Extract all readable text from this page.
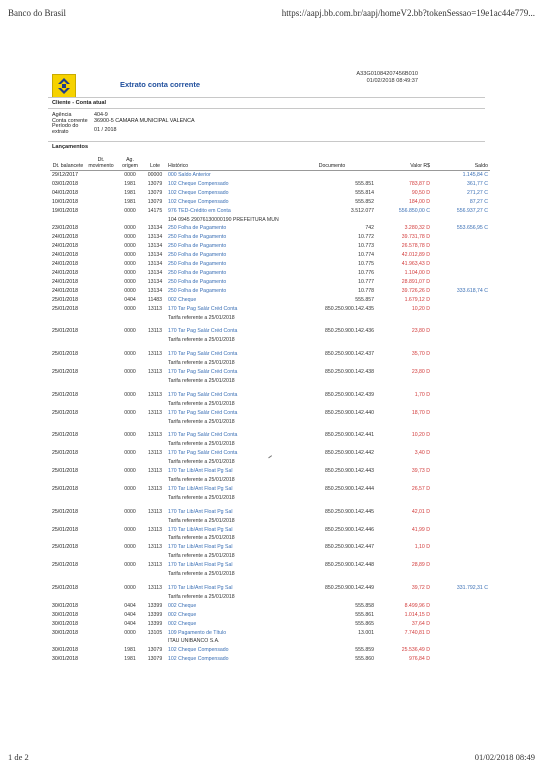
Banco do Brasil	https://aapj.bb.com.br/aapj/homeV2.bb?tokenSessao=19e1ac44e779...
Extrato conta corrente
A33G01084207456B010
01/02/2018 08:49:37
Cliente - Conta atual
Agência	404-9
Conta corrente	36900-5 CAMARA MUNICIPAL VALENCA
Período do extrato	01 / 2018
Lançamentos
Dt. balancete	Dt. movimento	Ag. origem	Lote	Histórico	Documento	Valor R$	Saldo
29/12/2017		0000	00000	000 Saldo Anterior			1.145,84 C
03/01/2018		1981	13079	102 Cheque Compensado	555.851	783,87 D	361,77 C
04/01/2018		1981	13079	102 Cheque Compensado	555.814	90,50 D	271,27 C
10/01/2018		1981	13079	102 Cheque Compensado	555.852	184,00 D	87,27 C
19/01/2018		0000	14175	976 TED-Crédito em Conta	3.512.077	556.850,00 C	556.937,27 C
				104 0945 29076130000190 PREFEITURA MUN			
23/01/2018		0000	13134	250 Folha de Pagamento	742	3.280,32 D	553.656,95 C
24/01/2018		0000	13134	250 Folha de Pagamento	10.772	39.731,78 D	
24/01/2018		0000	13134	250 Folha de Pagamento	10.773	26.578,78 D	
24/01/2018		0000	13134	250 Folha de Pagamento	10.774	42.012,89 D	
24/01/2018		0000	13134	250 Folha de Pagamento	10.775	41.963,43 D	
24/01/2018		0000	13134	250 Folha de Pagamento	10.776	1.104,00 D	
24/01/2018		0000	13134	250 Folha de Pagamento	10.777	28.891,07 D	
24/01/2018		0000	13134	250 Folha de Pagamento	10.778	39.726,26 D	333.618,74 C
25/01/2018		0404	11483	002 Cheque	555.857	1.679,12 D	
25/01/2018		0000	13113	170 Tar Pag Salár Créd Conta	850.250.900.142.435	10,20 D	
				Tarifa referente a 25/01/2018			

25/01/2018		0000	13113	170 Tar Pag Salár Créd Conta	850.250.900.142.436	23,80 D	
				Tarifa referente a 25/01/2018			

25/01/2018		0000	13113	170 Tar Pag Salár Créd Conta	850.250.900.142.437	35,70 D	
				Tarifa referente a 25/01/2018			
25/01/2018		0000	13113	170 Tar Pag Salár Créd Conta	850.250.900.142.438	23,80 D	
				Tarifa referente a 25/01/2018			

25/01/2018		0000	13113	170 Tar Pag Salár Créd Conta	850.250.900.142.439	1,70 D	
				Tarifa referente a 25/01/2018			
25/01/2018		0000	13113	170 Tar Pag Salár Créd Conta	850.250.900.142.440	18,70 D	
				Tarifa referente a 25/01/2018			

25/01/2018		0000	13113	170 Tar Pag Salár Créd Conta	850.250.900.142.441	10,20 D	
				Tarifa referente a 25/01/2018			
25/01/2018		0000	13113	170 Tar Pag Salár Créd Conta	850.250.900.142.442	3,40 D	
				Tarifa referente a 25/01/2018			
25/01/2018		0000	13113	170 Tar Lib/Ant Float Pg Sal	850.250.900.142.443	39,73 D	
				Tarifa referente a 25/01/2018			
25/01/2018		0000	13113	170 Tar Lib/Ant Float Pg Sal	850.250.900.142.444	26,57 D	
				Tarifa referente a 25/01/2018			

25/01/2018		0000	13113	170 Tar Lib/Ant Float Pg Sal	850.250.900.142.445	42,01 D	
				Tarifa referente a 25/01/2018			
25/01/2018		0000	13113	170 Tar Lib/Ant Float Pg Sal	850.250.900.142.446	41,99 D	
				Tarifa referente a 25/01/2018			
25/01/2018		0000	13113	170 Tar Lib/Ant Float Pg Sal	850.250.900.142.447	1,10 D	
				Tarifa referente a 25/01/2018			
25/01/2018		0000	13113	170 Tar Lib/Ant Float Pg Sal	850.250.900.142.448	28,89 D	
				Tarifa referente a 25/01/2018			

25/01/2018		0000	13113	170 Tar Lib/Ant Float Pg Sal	850.250.900.142.449	39,72 D	331.792,31 C
				Tarifa referente a 25/01/2018			
30/01/2018		0404	13399	002 Cheque	555.858	8.499,96 D	
30/01/2018		0404	13399	002 Cheque	555.861	1.014,15 D	
30/01/2018		0404	13399	002 Cheque	555.865	37,64 D	
30/01/2018		0000	13105	109 Pagamento de Título	13.001	7.740,81 D	
				ITAU UNIBANCO S.A.			
30/01/2018		1981	13079	102 Cheque Compensado	555.859	25.536,49 D	
30/01/2018		1981	13079	102 Cheque Compensado	555.860	976,84 D	
1 de 2	01/02/2018 08:49
